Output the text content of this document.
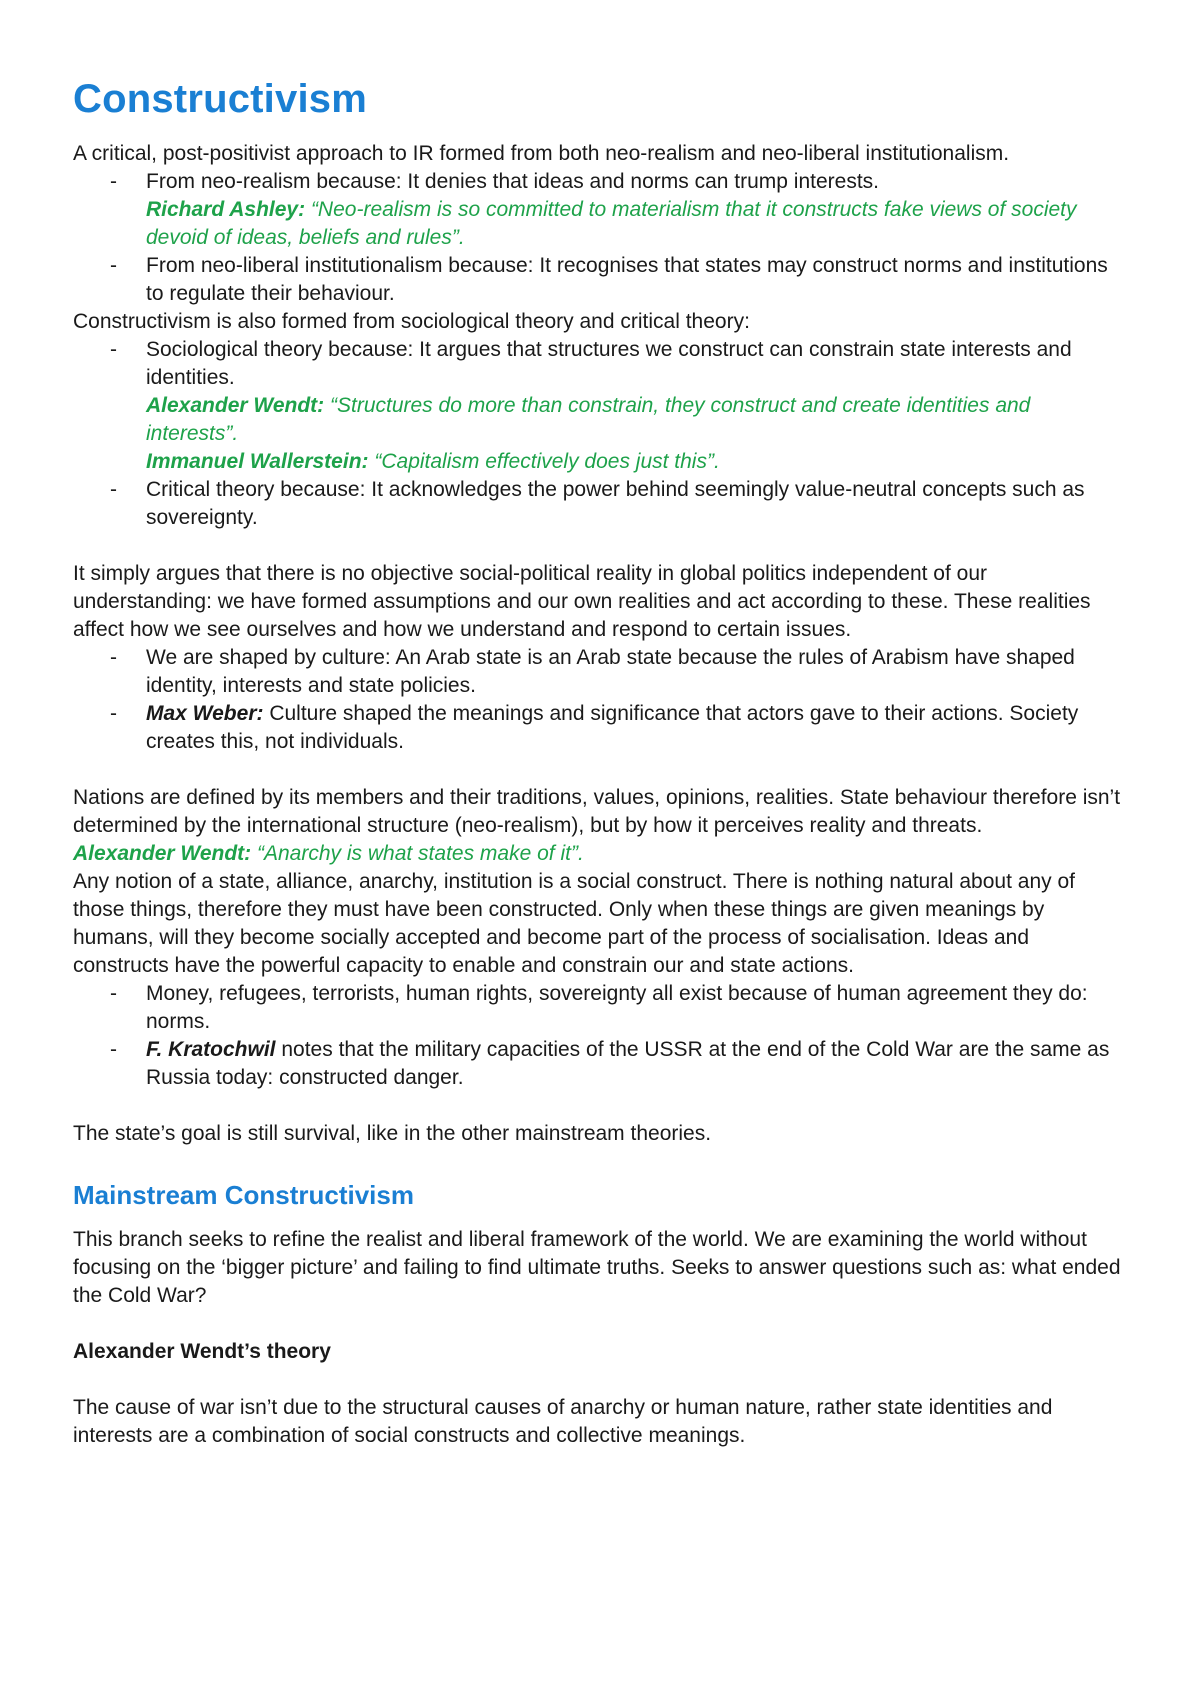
Constructivism

A critical, post-positivist approach to IR formed from both neo-realism and neo-liberal institutionalism.

- From neo-realism because: It denies that ideas and norms can trump interests.
Richard Ashley: “Neo-realism is so committed to materialism that it constructs fake views of society devoid of ideas, beliefs and rules”.
- From neo-liberal institutionalism because: It recognises that states may construct norms and institutions to regulate their behaviour.

Constructivism is also formed from sociological theory and critical theory:

- Sociological theory because: It argues that structures we construct can constrain state interests and identities.
Alexander Wendt: “Structures do more than constrain, they construct and create identities and interests”.
Immanuel Wallerstein: “Capitalism effectively does just this”.
- Critical theory because: It acknowledges the power behind seemingly value-neutral concepts such as sovereignty.

It simply argues that there is no objective social-political reality in global politics independent of our understanding: we have formed assumptions and our own realities and act according to these. These realities affect how we see ourselves and how we understand and respond to certain issues.

- We are shaped by culture: An Arab state is an Arab state because the rules of Arabism have shaped identity, interests and state policies.
- Max Weber: Culture shaped the meanings and significance that actors gave to their actions. Society creates this, not individuals.

Nations are defined by its members and their traditions, values, opinions, realities. State behaviour therefore isn’t determined by the international structure (neo-realism), but by how it perceives reality and threats.

Alexander Wendt: “Anarchy is what states make of it”.

Any notion of a state, alliance, anarchy, institution is a social construct. There is nothing natural about any of those things, therefore they must have been constructed. Only when these things are given meanings by humans, will they become socially accepted and become part of the process of socialisation. Ideas and constructs have the powerful capacity to enable and constrain our and state actions.

- Money, refugees, terrorists, human rights, sovereignty all exist because of human agreement they do: norms.
- F. Kratochwil notes that the military capacities of the USSR at the end of the Cold War are the same as Russia today: constructed danger.

The state’s goal is still survival, like in the other mainstream theories.

Mainstream Constructivism

This branch seeks to refine the realist and liberal framework of the world. We are examining the world without focusing on the ‘bigger picture’ and failing to find ultimate truths. Seeks to answer questions such as: what ended the Cold War?

Alexander Wendt’s theory

The cause of war isn’t due to the structural causes of anarchy or human nature, rather state identities and interests are a combination of social constructs and collective meanings.
